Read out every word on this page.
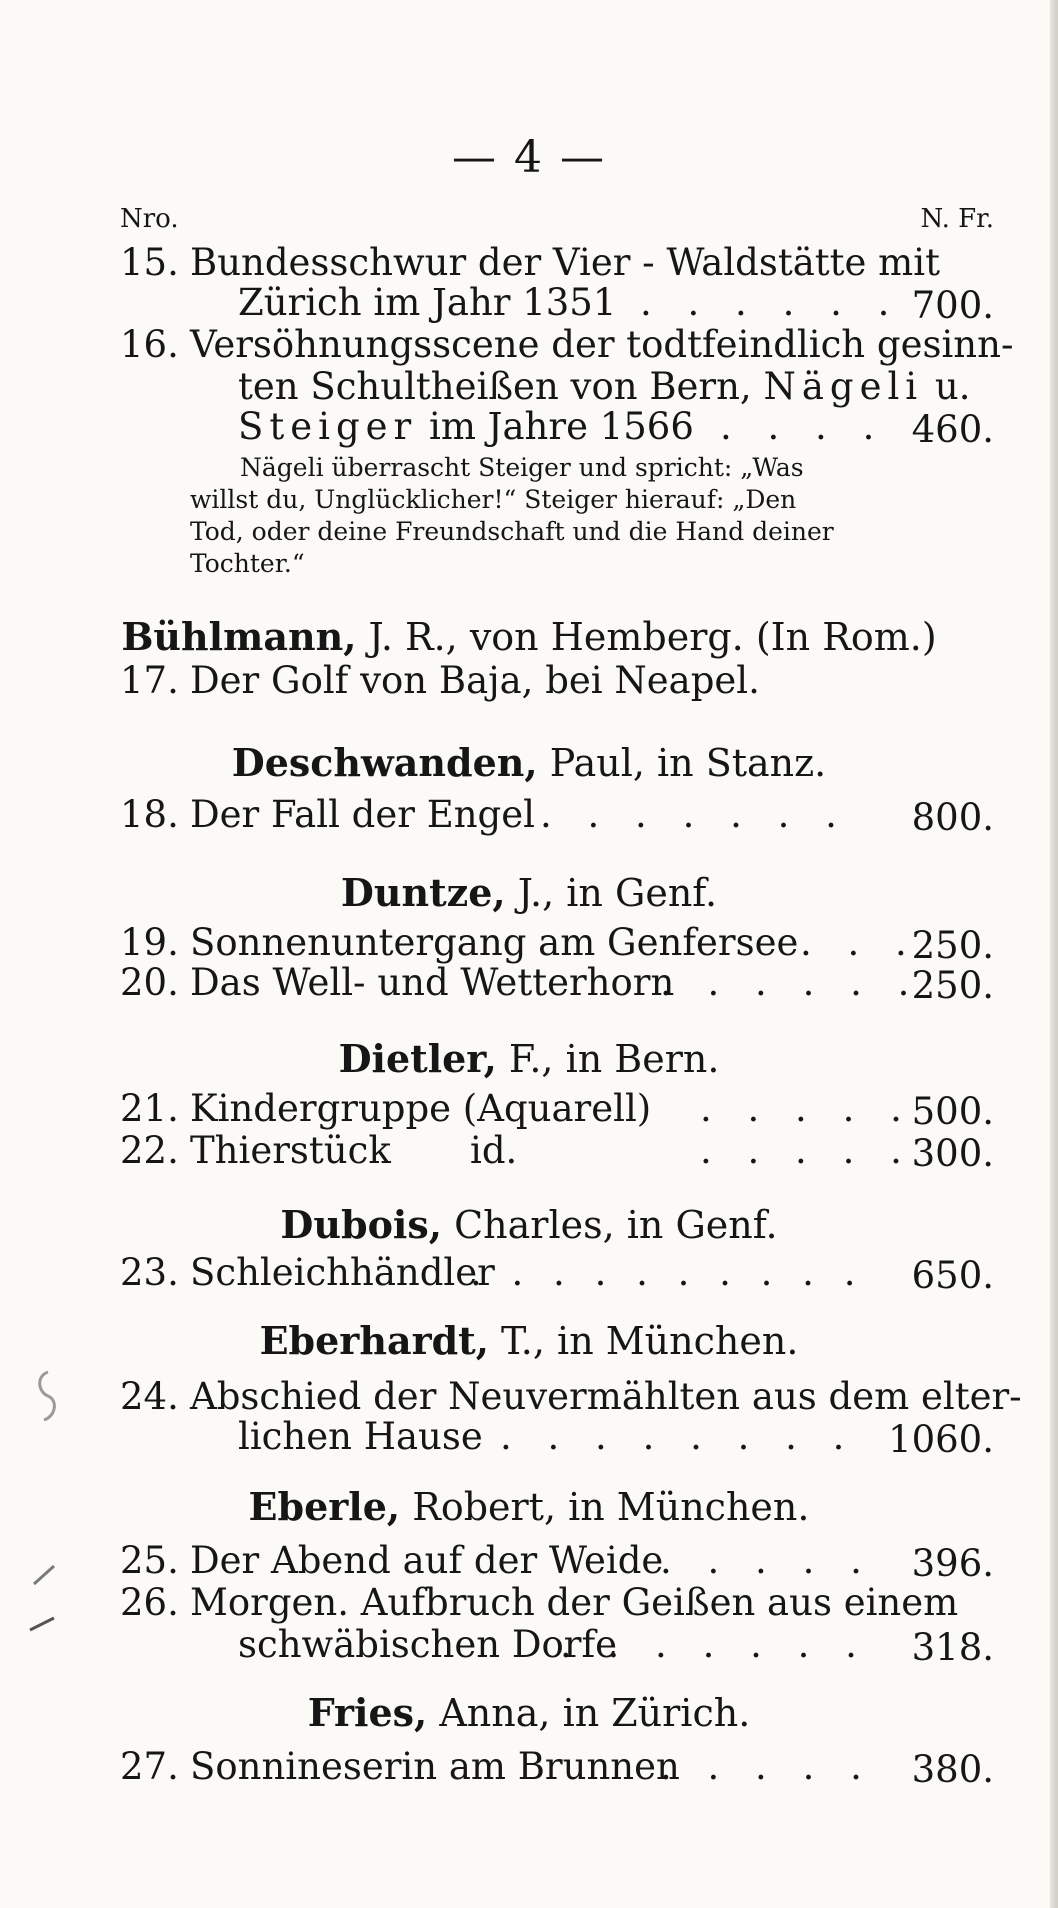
— 4 —
Nro.	N. Fr.
15. Bundesschwur der Vier - Waldstätte mit
Zürich im Jahr 1351 . . . . . . 700.
16. Versöhnungsscene der todtfeindlich gesinn-
ten Schultheißen von Bern, Nägeli u.
Steiger im Jahre 1566 . . . . 460.
Nägeli überrascht Steiger und spricht: „Was
willst du, Unglücklicher!“ Steiger hierauf: „Den
Tod, oder deine Freundschaft und die Hand deiner
Tochter.“
Bühlmann, J. R., von Hemberg. (In Rom.)
17. Der Golf von Baja, bei Neapel.
Deschwanden, Paul, in Stanz.
18. Der Fall der Engel . . . . . . . 800.
Duntze, J., in Genf.
19. Sonnenuntergang am Genfersee . . .
250.
20. Das Well- und Wetterhorn
. . . . . .
250.
Dietler, F., in Bern.
21. Kindergruppe (Aquarell) . . . . .
500.
22. Thierstück id.	. . . . .
300.
Dubois, Charles, in Genf.
23. Schleichhändler
. . . . . . . . . . 650.
Eberhardt, T., in München.
24. Abschied der Neuvermählten aus dem elter-
lichen Hause . . . . . . . . 1060.
Eberle, Robert, in München.
25. Der Abend auf der Weide
. . . . . 396.
26. Morgen. Aufbruch der Geißen aus einem
schwäbischen Dorfe
. . . . . . . 318.
Fries, Anna, in Zürich.
27. Sonnineserin am Brunnen
. . . . . 380.
